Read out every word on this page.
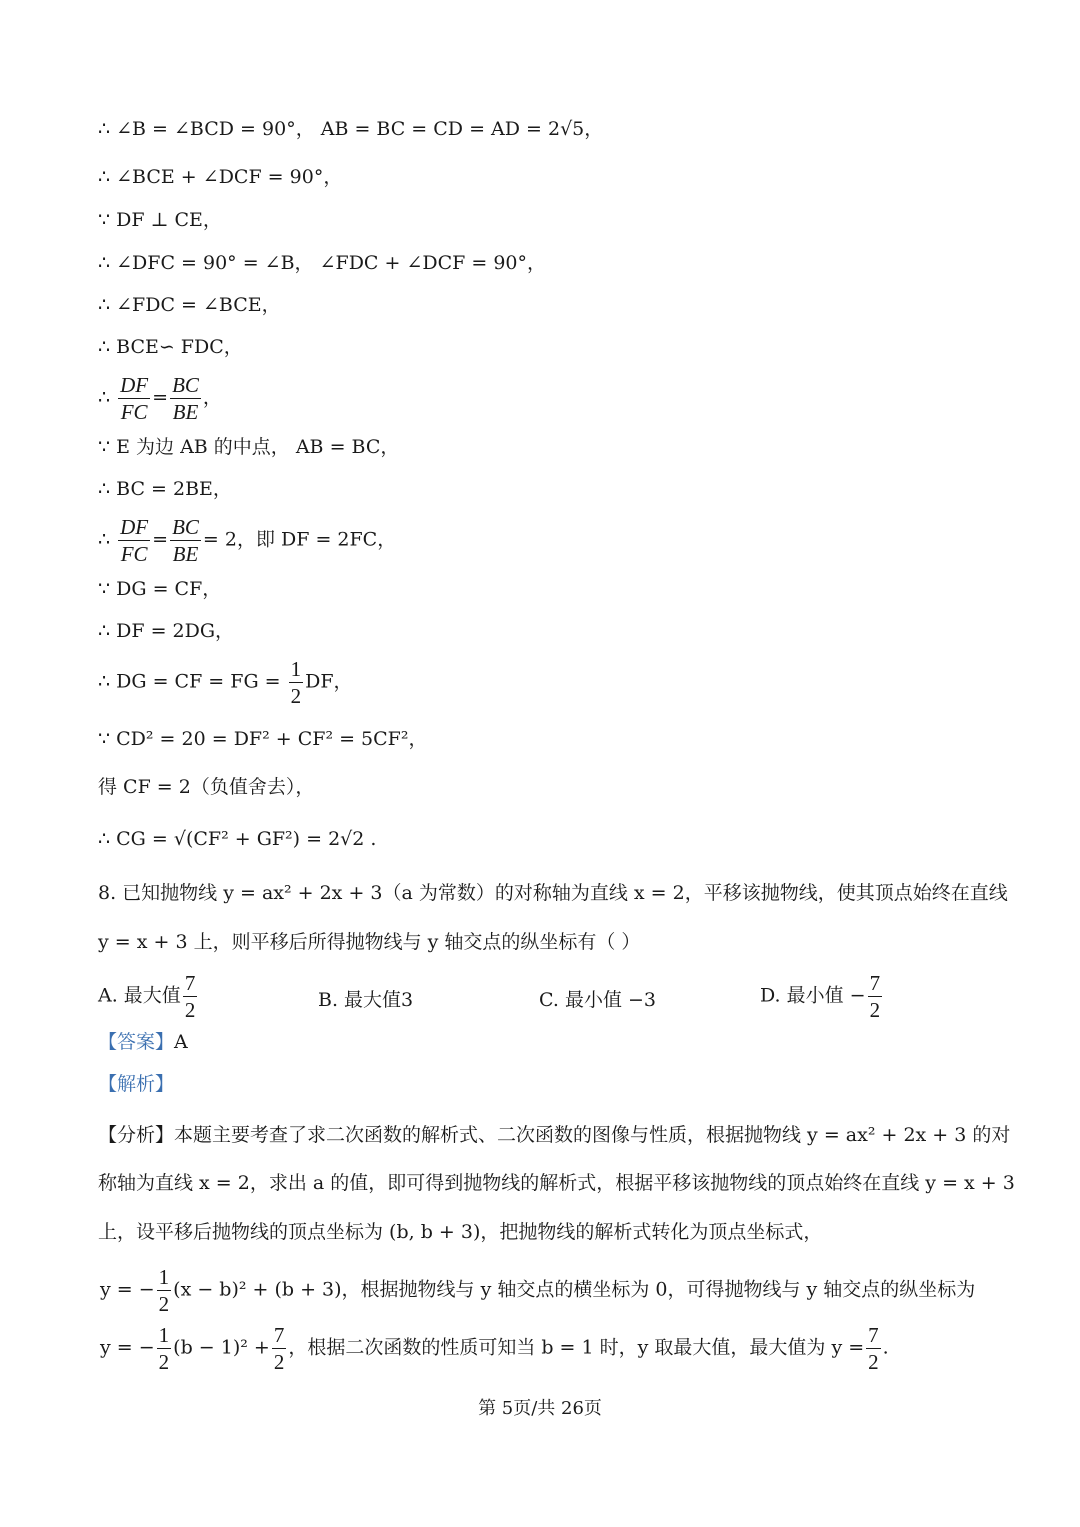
∴ ∠B = ∠BCD = 90°， AB = BC = CD = AD = 2√5，
∴ ∠BCE + ∠DCF = 90°，
∵ DF ⊥ CE，
∴ ∠DFC = 90° = ∠B， ∠FDC + ∠DCF = 90°，
∴ ∠FDC = ∠BCE，
∴ BCE∽ FDC，
∴ $\frac{DF}{FC} = \frac{BC}{BE}$ ，
∵ E 为边 AB 的中点， AB = BC，
∴ BC = 2BE，
∴ $\frac{DF}{FC} = \frac{BC}{BE} = 2$，即 DF = 2FC，
∵ DG = CF，
∴ DF = 2DG，
∴ DG = CF = FG = $\frac{1}{2}$ DF，
∵ CD² = 20 = DF² + CF² = 5CF²，
得 CF = 2（负值舍去），
∴ CG = √(CF² + GF²) = 2√2 .
8. 已知抛物线 y = ax² + 2x + 3（a 为常数）的对称轴为直线 x = 2，平移该抛物线，使其顶点始终在直线
y = x + 3 上，则平移后所得抛物线与 y 轴交点的纵坐标有（ ）
A. 最大值 $\frac{7}{2}$	B. 最大值3	C. 最小值 −3	D. 最小值 − $\frac{7}{2}$
【答案】A
【解析】
【分析】本题主要考查了求二次函数的解析式、二次函数的图像与性质，根据抛物线 y = ax² + 2x + 3 的对
称轴为直线 x = 2，求出 a 的值，即可得到抛物线的解析式，根据平移该抛物线的顶点始终在直线 y = x + 3
上，设平移后抛物线的顶点坐标为 (b, b + 3)，把抛物线的解析式转化为顶点坐标式，
y = − $\frac{1}{2} (x - b)^2 + (b + 3)$，根据抛物线与 y 轴交点的横坐标为 0，可得抛物线与 y 轴交点的纵坐标为
y = − $\frac{1}{2} (b - 1)^2 + \frac{7}{2}$ ，根据二次函数的性质可知当 b = 1 时，y 取最大值，最大值为 $y = \frac{7}{2}$ .
第 5页/共 26页
